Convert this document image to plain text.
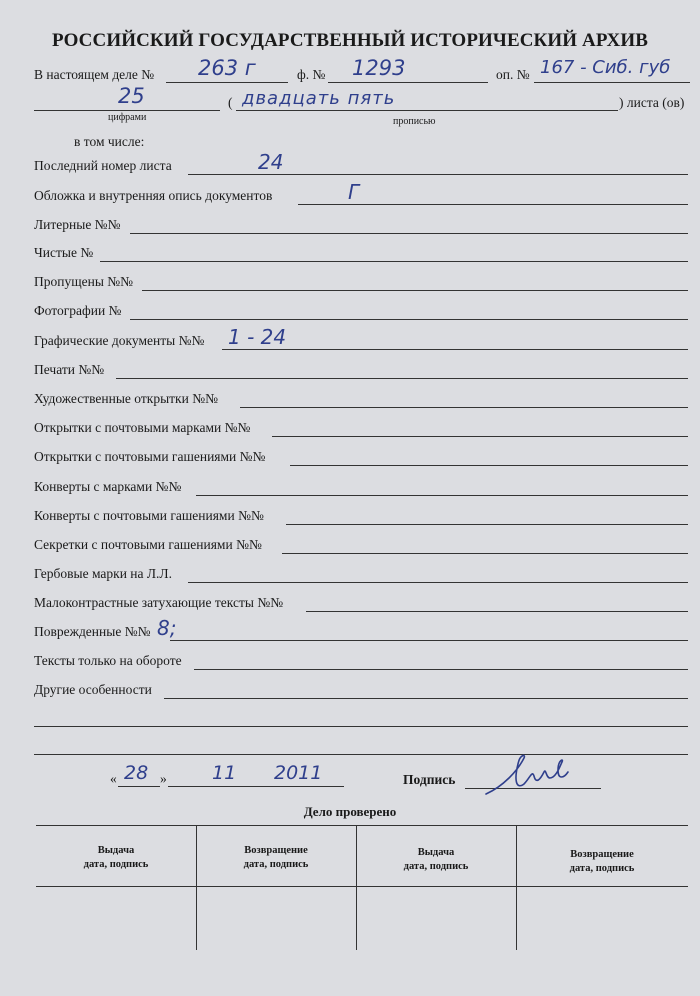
РОССИЙСКИЙ ГОСУДАРСТВЕННЫЙ ИСТОРИЧЕСКИЙ АРХИВ
В настоящем деле № 263 г	ф. № 1293	оп. № 167 - Сиб. губ
25
цифрами
( двадцать пять
прописью
) листа (ов)
в том числе:
Последний номер листа	24
Обложка и внутренняя опись документов	Г
Литерные №№
Чистые №
Пропущены №№
Фотографии №
Графические документы №№ 1 - 24
Печати №№
Художественные открытки №№
Открытки с почтовыми марками №№
Открытки с почтовыми гашениями №№
Конверты с марками №№
Конверты с почтовыми гашениями №№
Секретки с почтовыми гашениями №№
Гербовые марки на Л.Л.
Малоконтрастные затухающие тексты №№
Поврежденные №№ 8;
Тексты только на обороте
Другие особенности
« 28 » 11 2011	Подпись
Дело проверено
Выдача
дата, подпись
Возвращение
дата, подпись
Выдача
дата, подпись
Возвращение
дата, подпись
